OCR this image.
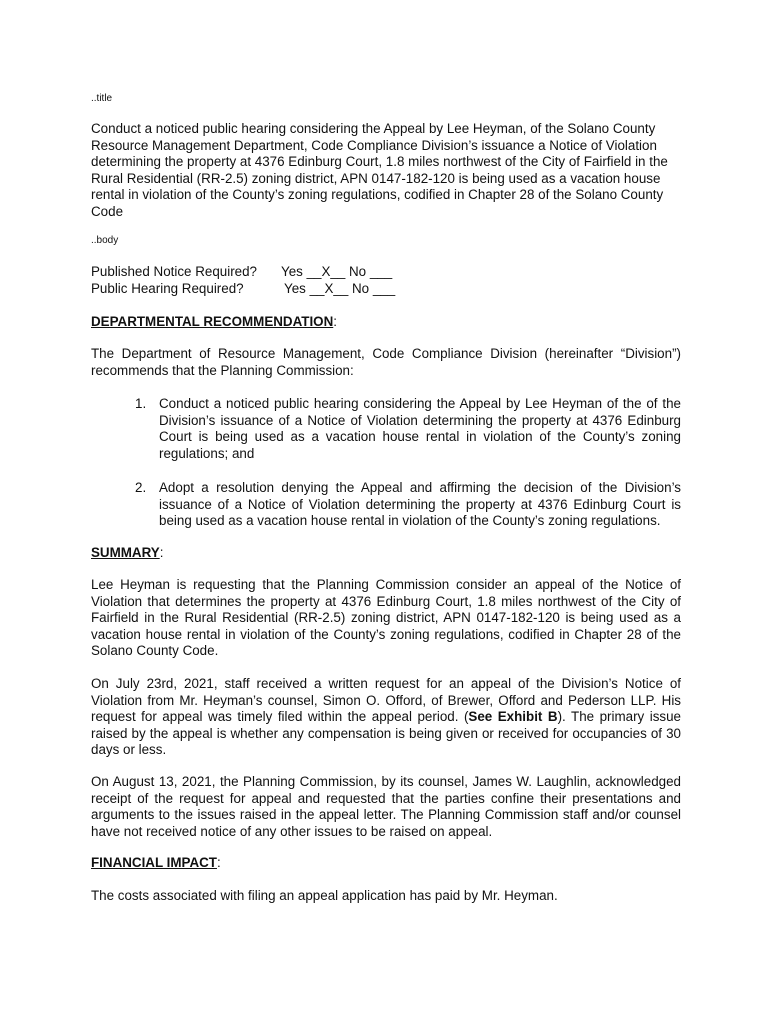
..title
Conduct a noticed public hearing considering the Appeal by Lee Heyman, of the Solano County Resource Management Department, Code Compliance Division’s issuance a Notice of Violation determining the property at 4376 Edinburg Court, 1.8 miles northwest of the City of Fairfield in the Rural Residential (RR-2.5) zoning district, APN 0147-182-120 is being used as a vacation house rental in violation of the County’s zoning regulations, codified in Chapter 28 of the Solano County Code
..body
Published Notice Required? Yes __X__ No ___
Public Hearing Required?	Yes __X__ No ___
DEPARTMENTAL RECOMMENDATION:
The Department of Resource Management, Code Compliance Division (hereinafter “Division”) recommends that the Planning Commission:
1. Conduct a noticed public hearing considering the Appeal by Lee Heyman of the of the Division’s issuance of a Notice of Violation determining the property at 4376 Edinburg Court is being used as a vacation house rental in violation of the County’s zoning regulations; and
2. Adopt a resolution denying the Appeal and affirming the decision of the Division’s issuance of a Notice of Violation determining the property at 4376 Edinburg Court is being used as a vacation house rental in violation of the County’s zoning regulations.
SUMMARY:
Lee Heyman is requesting that the Planning Commission consider an appeal of the Notice of Violation that determines the property at 4376 Edinburg Court, 1.8 miles northwest of the City of Fairfield in the Rural Residential (RR-2.5) zoning district, APN 0147-182-120 is being used as a vacation house rental in violation of the County’s zoning regulations, codified in Chapter 28 of the Solano County Code.
On July 23rd, 2021, staff received a written request for an appeal of the Division’s Notice of Violation from Mr. Heyman’s counsel, Simon O. Offord, of Brewer, Offord and Pederson LLP. His request for appeal was timely filed within the appeal period. (See Exhibit B). The primary issue raised by the appeal is whether any compensation is being given or received for occupancies of 30 days or less.
On August 13, 2021, the Planning Commission, by its counsel, James W. Laughlin, acknowledged receipt of the request for appeal and requested that the parties confine their presentations and arguments to the issues raised in the appeal letter. The Planning Commission staff and/or counsel have not received notice of any other issues to be raised on appeal.
FINANCIAL IMPACT:
The costs associated with filing an appeal application has paid by Mr. Heyman.
